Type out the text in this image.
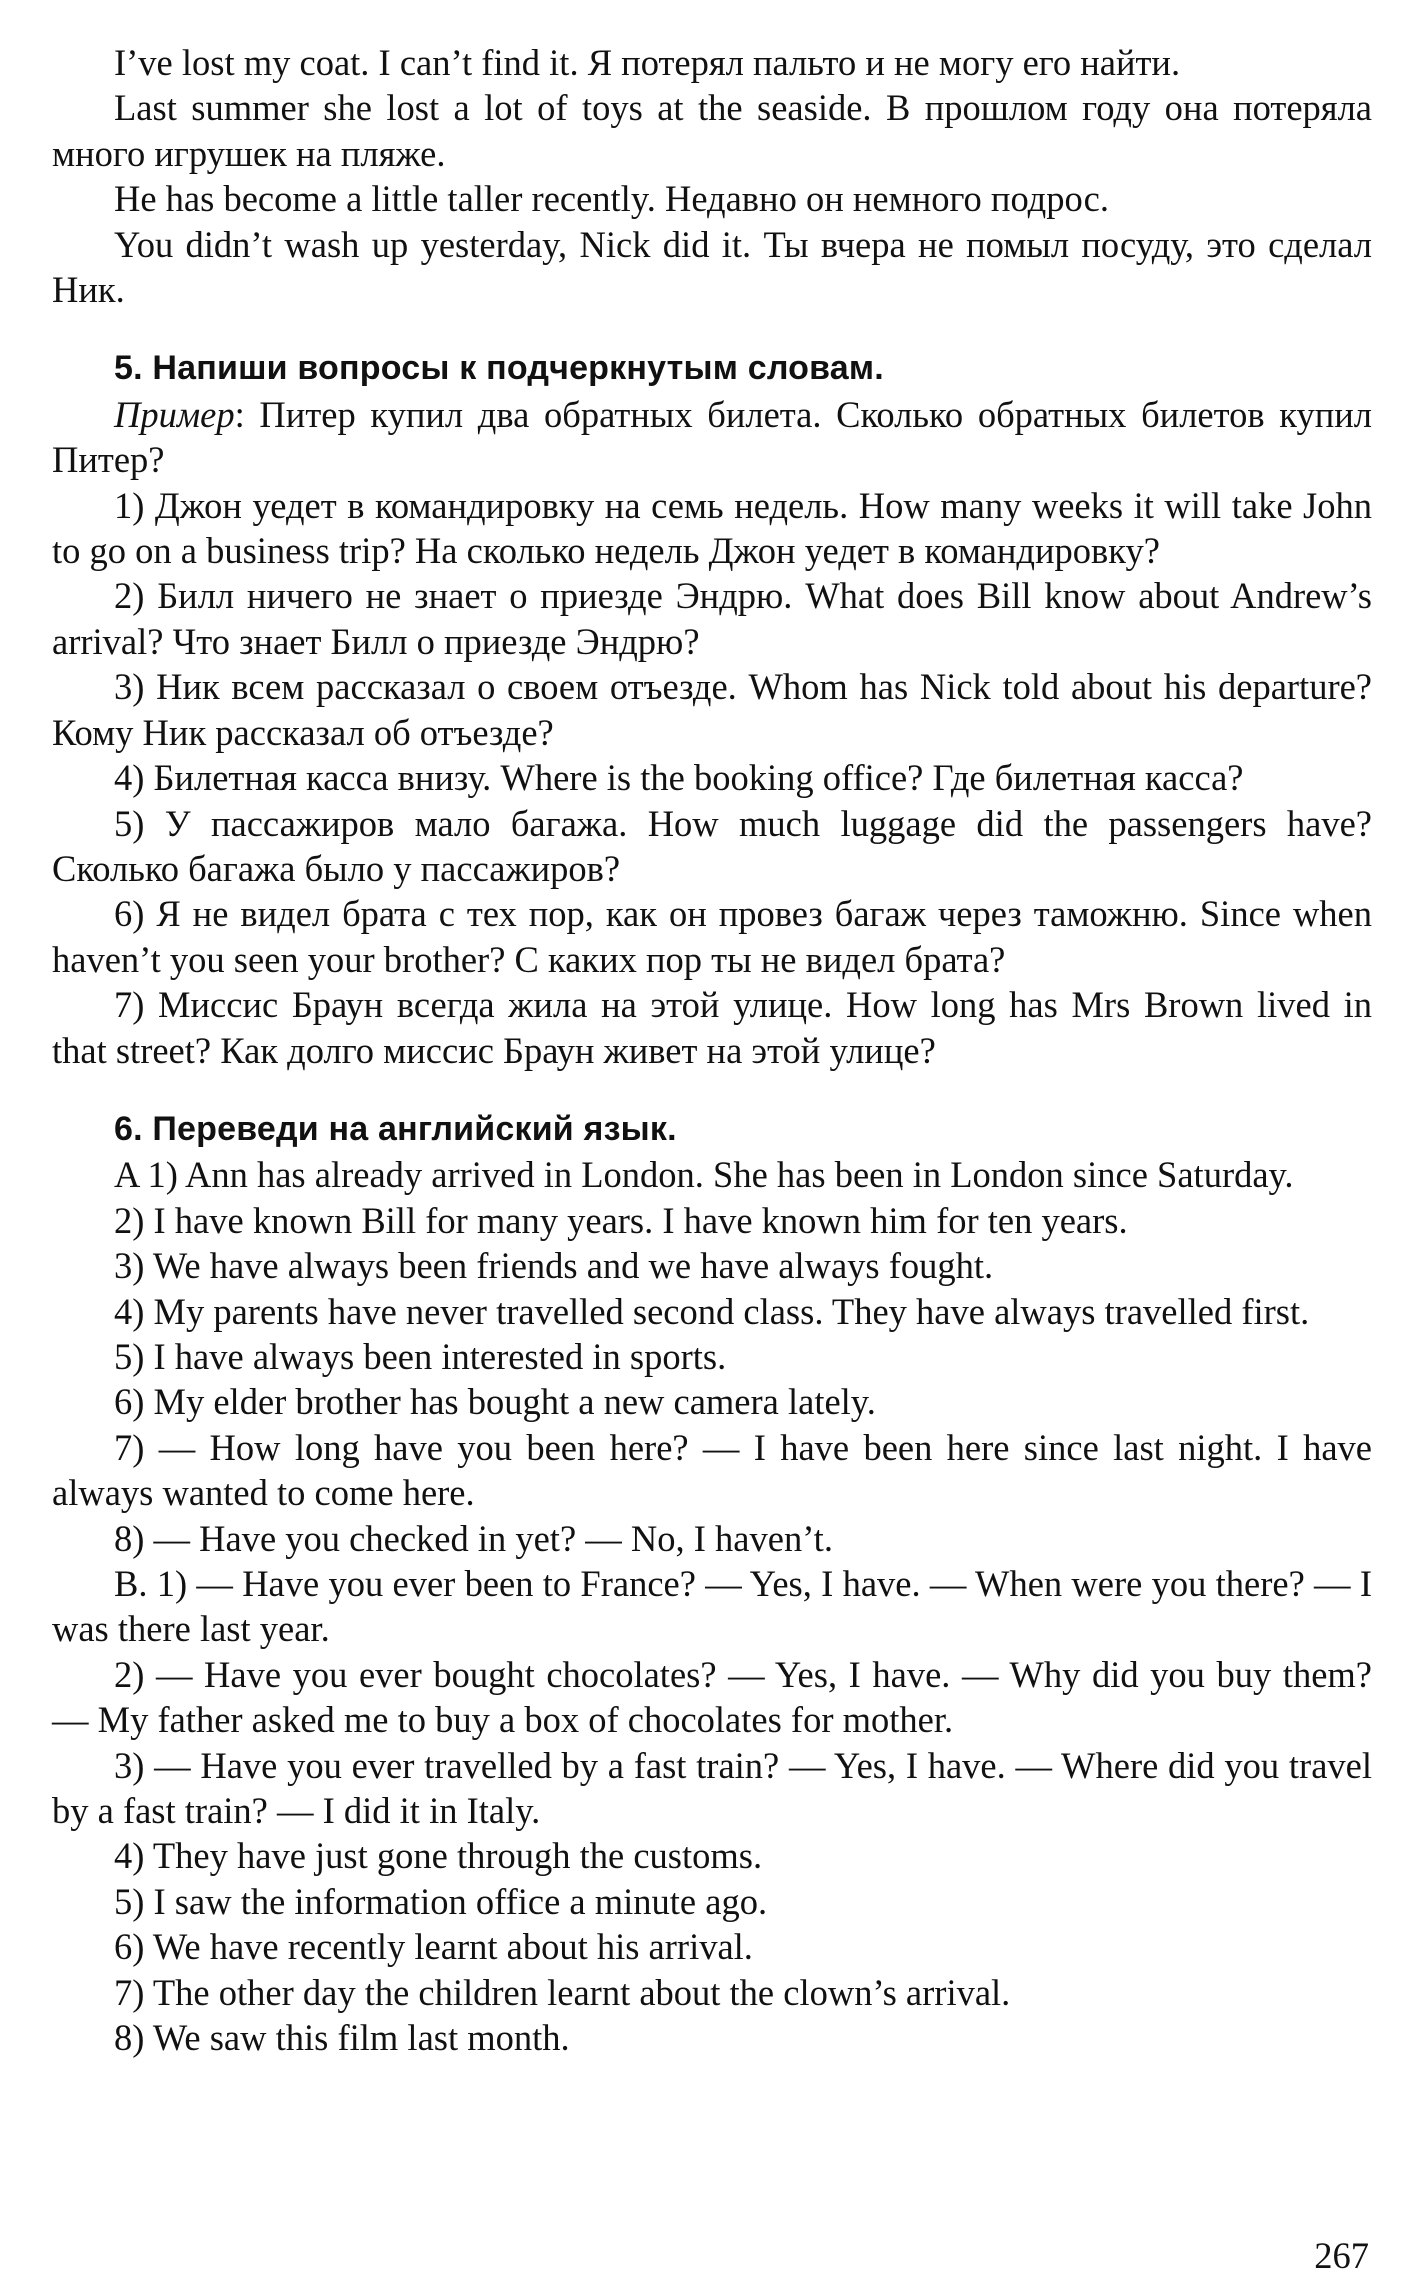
I’ve lost my coat. I can’t find it. Я потерял пальто и не могу его найти.

Last summer she lost a lot of toys at the seaside. В прошлом году она потеряла много игрушек на пляже.

He has become a little taller recently. Недавно он немного подрос.

You didn’t wash up yesterday, Nick did it. Ты вчера не помыл посуду, это сделал Ник.

5. Напиши вопросы к подчеркнутым словам.

Пример: Питер купил два обратных билета. Сколько обратных билетов купил Питер?

1) Джон уедет в командировку на семь недель. How many weeks it will take John to go on a business trip? На сколько недель Джон уедет в командировку?

2) Билл ничего не знает о приезде Эндрю. What does Bill know about Andrew’s arrival? Что знает Билл о приезде Эндрю?

3) Ник всем рассказал о своем отъезде. Whom has Nick told about his departure? Кому Ник рассказал об отъезде?

4) Билетная касса внизу. Where is the booking office? Где билетная касса?

5) У пассажиров мало багажа. How much luggage did the passengers have? Сколько багажа было у пассажиров?

6) Я не видел брата с тех пор, как он провез багаж через таможню. Since when haven’t you seen your brother? С каких пор ты не видел брата?

7) Миссис Браун всегда жила на этой улице. How long has Mrs Brown lived in that street? Как долго миссис Браун живет на этой улице?

6. Переведи на английский язык.

A 1) Ann has already arrived in London. She has been in London since Saturday.

2) I have known Bill for many years. I have known him for ten years.

3) We have always been friends and we have always fought.

4) My parents have never travelled second class. They have always travelled first.

5) I have always been interested in sports.

6) My elder brother has bought a new camera lately.

7) — How long have you been here? — I have been here since last night. I have always wanted to come here.

8) — Have you checked in yet? — No, I haven’t.

B. 1) — Have you ever been to France? — Yes, I have. — When were you there? — I was there last year.

2) — Have you ever bought chocolates? — Yes, I have. — Why did you buy them? — My father asked me to buy a box of chocolates for mother.

3) — Have you ever travelled by a fast train? — Yes, I have. — Where did you travel by a fast train? — I did it in Italy.

4) They have just gone through the customs.

5) I saw the information office a minute ago.

6) We have recently learnt about his arrival.

7) The other day the children learnt about the clown’s arrival.

8) We saw this film last month.

267
